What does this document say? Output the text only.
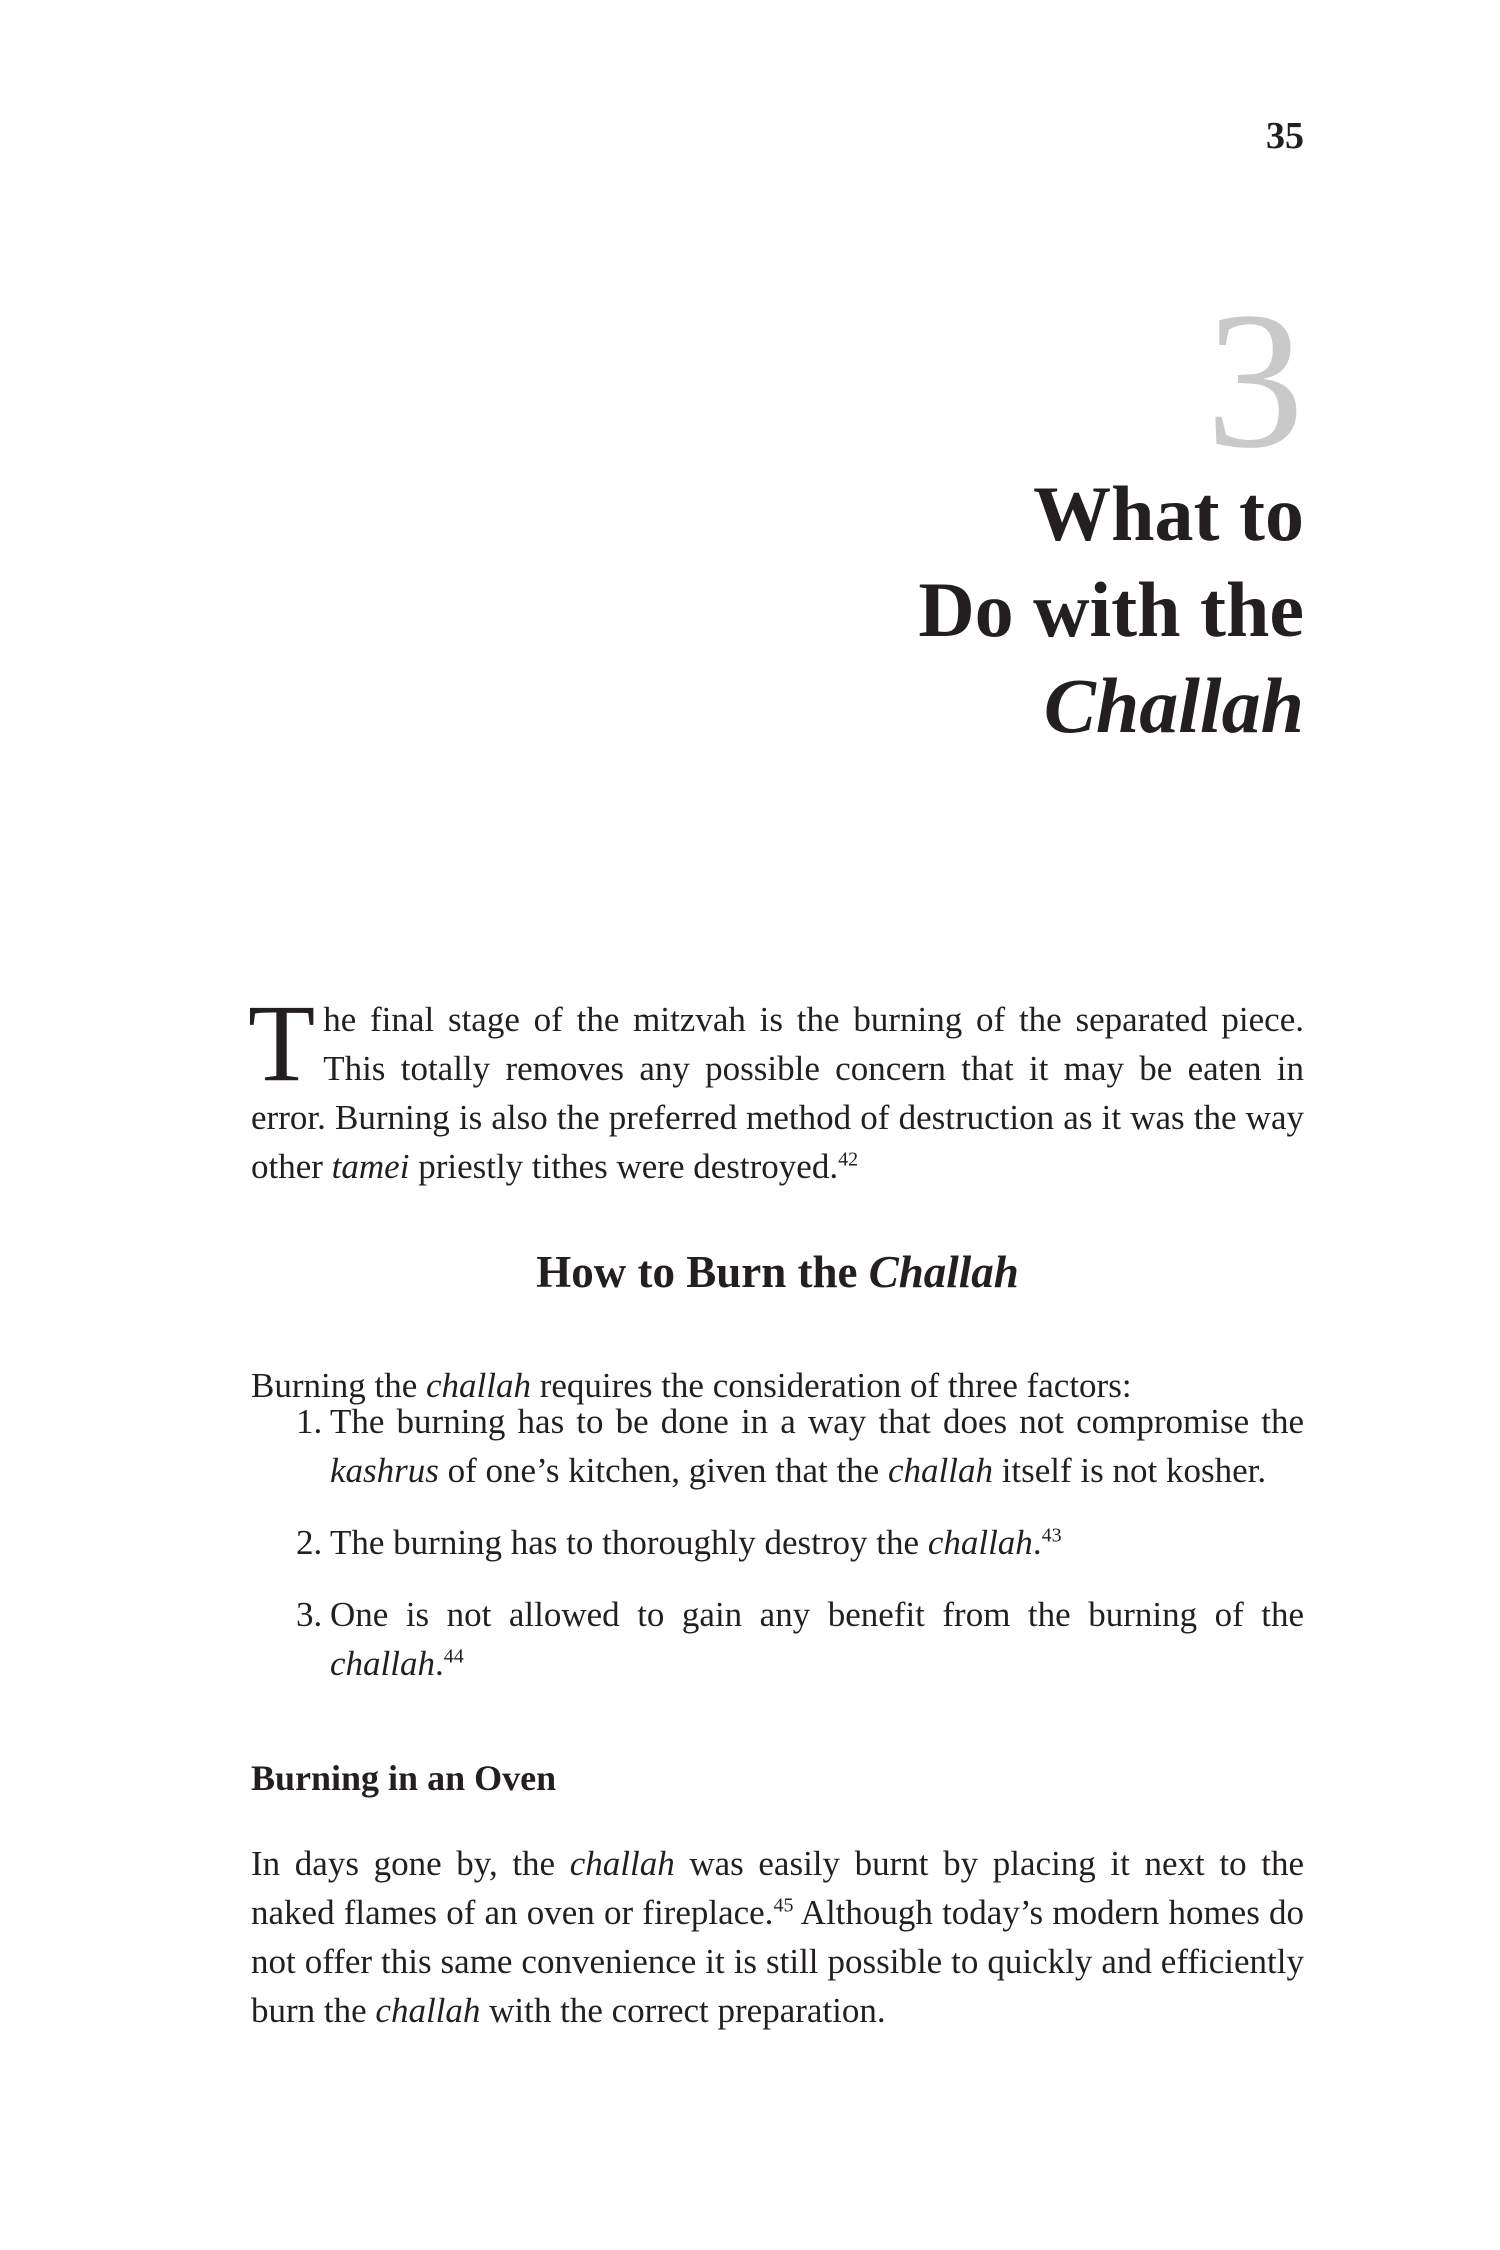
35
3
What to
Do with the
Challah

The final stage of the mitzvah is the burning of the separated piece. This totally removes any possible concern that it may be eaten in error. Burning is also the preferred method of destruction as it was the way other tamei priestly tithes were destroyed.$^{42}$

How to Burn the Challah

Burning the challah requires the consideration of three factors:

1. The burning has to be done in a way that does not compromise the kashrus of one’s kitchen, given that the challah itself is not kosher.
2. The burning has to thoroughly destroy the challah.$^{43}$
3. One is not allowed to gain any benefit from the burning of the challah.$^{44}$
Burning in an Oven

In days gone by, the challah was easily burnt by placing it next to the naked flames of an oven or fireplace.$^{45}$ Although today’s modern homes do not offer this same convenience it is still possible to quickly and efficiently burn the challah with the correct preparation.
